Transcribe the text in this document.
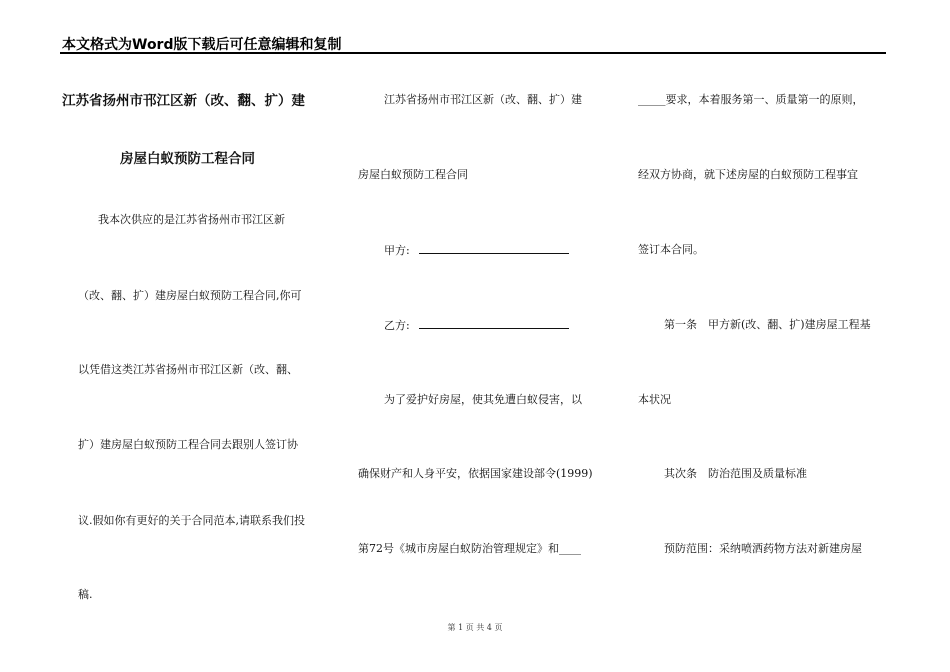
本文格式为Word版下载后可任意编辑和复制
江苏省扬州市邗江区新（改、翻、扩）建
房屋白蚁预防工程合同
我本次供应的是江苏省扬州市邗江区新
（改、翻、扩）建房屋白蚁预防工程合同,你可
以凭借这类江苏省扬州市邗江区新（改、翻、
扩）建房屋白蚁预防工程合同去跟别人签订协
议.假如你有更好的关于合同范本,请联系我们投
稿.
江苏省扬州市邗江区新（改、翻、扩）建
房屋白蚁预防工程合同
甲方:
乙方:
为了爱护好房屋，使其免遭白蚁侵害，以
确保财产和人身平安，依据国家建设部令(1999)
第72号《城市房屋白蚁防治管理规定》和____
_____要求，本着服务第一、质量第一的原则，
经双方协商，就下述房屋的白蚁预防工程事宜
签订本合同。
第一条　甲方新(改、翻、扩)建房屋工程基
本状况
其次条　防治范围及质量标准
预防范围：采纳喷洒药物方法对新建房屋
第 1 页 共 4 页
